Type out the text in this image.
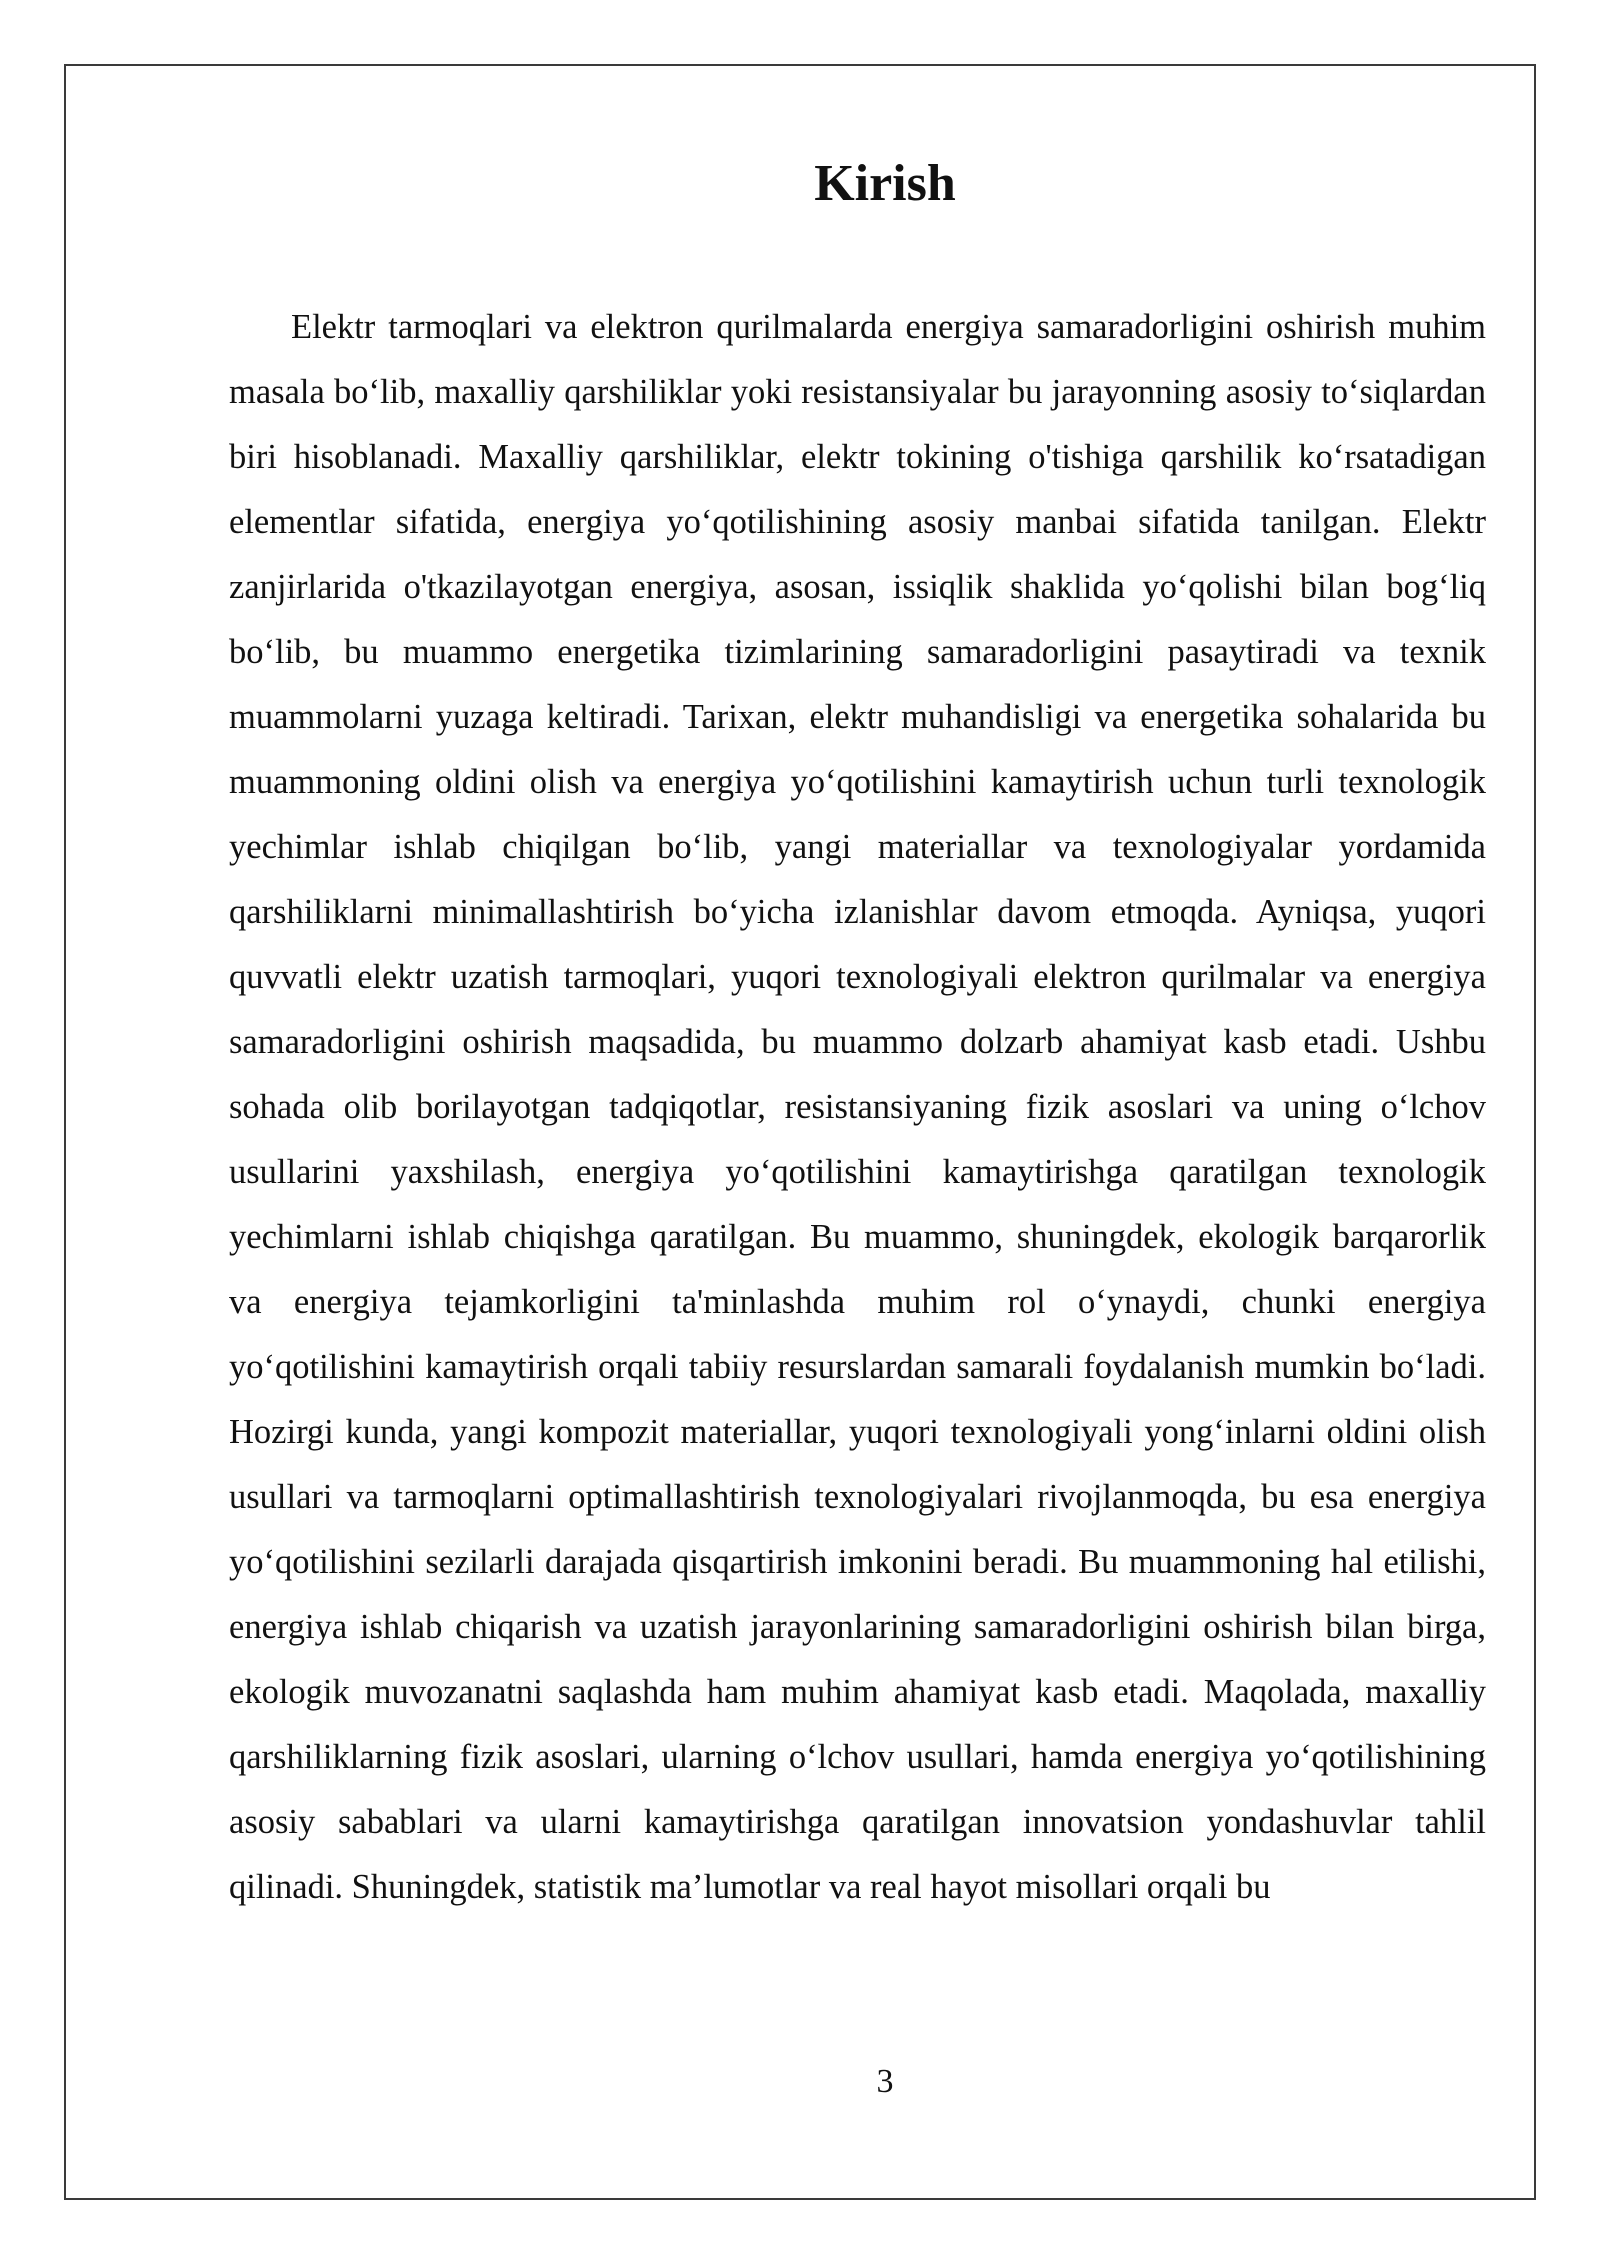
Kirish

Elektr tarmoqlari va elektron qurilmalarda energiya samaradorligini oshirish muhim masala bo‘lib, maxalliy qarshiliklar yoki resistansiyalar bu jarayonning asosiy to‘siqlardan biri hisoblanadi. Maxalliy qarshiliklar, elektr tokining o'tishiga qarshilik ko‘rsatadigan elementlar sifatida, energiya yo‘qotilishining asosiy manbai sifatida tanilgan. Elektr zanjirlarida o'tkazilayotgan energiya, asosan, issiqlik shaklida yo‘qolishi bilan bog‘liq bo‘lib, bu muammo energetika tizimlarining samaradorligini pasaytiradi va texnik muammolarni yuzaga keltiradi. Tarixan, elektr muhandisligi va energetika sohalarida bu muammoning oldini olish va energiya yo‘qotilishini kamaytirish uchun turli texnologik yechimlar ishlab chiqilgan bo‘lib, yangi materiallar va texnologiyalar yordamida qarshiliklarni minimallashtirish bo‘yicha izlanishlar davom etmoqda. Ayniqsa, yuqori quvvatli elektr uzatish tarmoqlari, yuqori texnologiyali elektron qurilmalar va energiya samaradorligini oshirish maqsadida, bu muammo dolzarb ahamiyat kasb etadi. Ushbu sohada olib borilayotgan tadqiqotlar, resistansiyaning fizik asoslari va uning o‘lchov usullarini yaxshilash, energiya yo‘qotilishini kamaytirishga qaratilgan texnologik yechimlarni ishlab chiqishga qaratilgan. Bu muammo, shuningdek, ekologik barqarorlik va energiya tejamkorligini ta'minlashda muhim rol o‘ynaydi, chunki energiya yo‘qotilishini kamaytirish orqali tabiiy resurslardan samarali foydalanish mumkin bo‘ladi. Hozirgi kunda, yangi kompozit materiallar, yuqori texnologiyali yong‘inlarni oldini olish usullari va tarmoqlarni optimallashtirish texnologiyalari rivojlanmoqda, bu esa energiya yo‘qotilishini sezilarli darajada qisqartirish imkonini beradi. Bu muammoning hal etilishi, energiya ishlab chiqarish va uzatish jarayonlarining samaradorligini oshirish bilan birga, ekologik muvozanatni saqlashda ham muhim ahamiyat kasb etadi. Maqolada, maxalliy qarshiliklarning fizik asoslari, ularning o‘lchov usullari, hamda energiya yo‘qotilishining asosiy sabablari va ularni kamaytirishga qaratilgan innovatsion yondashuvlar tahlil qilinadi. Shuningdek, statistik ma’lumotlar va real hayot misollari orqali bu

3
